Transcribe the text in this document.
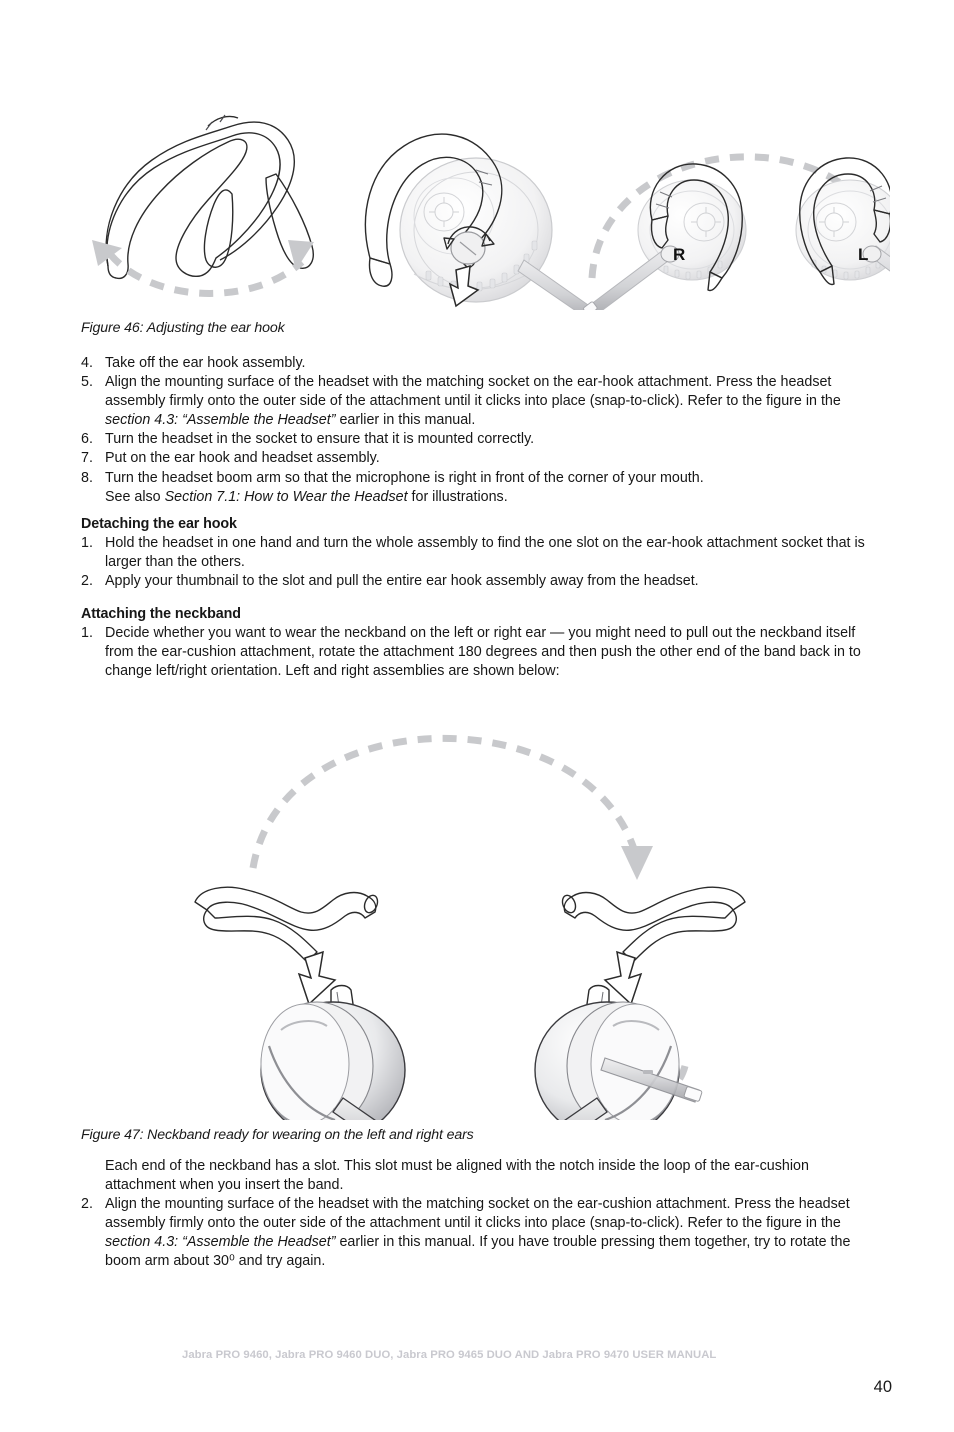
R	L
Figure 46: Adjusting the ear hook
4. Take off the ear hook assembly.
5. Align the mounting surface of the headset with the matching socket on the ear-hook attachment. Press the headset assembly firmly onto the outer side of the attachment until it clicks into place (snap-to-click). Refer to the figure in the section 4.3: “Assemble the Headset” earlier in this manual.
6. Turn the headset in the socket to ensure that it is mounted correctly.
7. Put on the ear hook and headset assembly.
8. Turn the headset boom arm so that the microphone is right in front of the corner of your mouth.
See also Section 7.1: How to Wear the Headset for illustrations.
Detaching the ear hook
1. Hold the headset in one hand and turn the whole assembly to find the one slot on the ear-hook attachment socket that is larger than the others.
2. Apply your thumbnail to the slot and pull the entire ear hook assembly away from the headset.
Attaching the neckband
1. Decide whether you want to wear the neckband on the left or right ear — you might need to pull out the neckband itself from the ear-cushion attachment, rotate the attachment 180 degrees and then push the other end of the band back in to change left/right orientation. Left and right assemblies are shown below:
Figure 47: Neckband ready for wearing on the left and right ears
Each end of the neckband has a slot. This slot must be aligned with the notch inside the loop of the ear-cushion attachment when you insert the band.
2. Align the mounting surface of the headset with the matching socket on the ear-cushion attachment. Press the headset assembly firmly onto the outer side of the attachment until it clicks into place (snap-to-click). Refer to the figure in the section 4.3: “Assemble the Headset” earlier in this manual. If you have trouble pressing them together, try to rotate the boom arm about 30⁰ and try again.
Jabra PRO 9460, Jabra PRO 9460 DUO, Jabra PRO 9465 DUO AND Jabra PRO 9470 USER MANUAL
40
